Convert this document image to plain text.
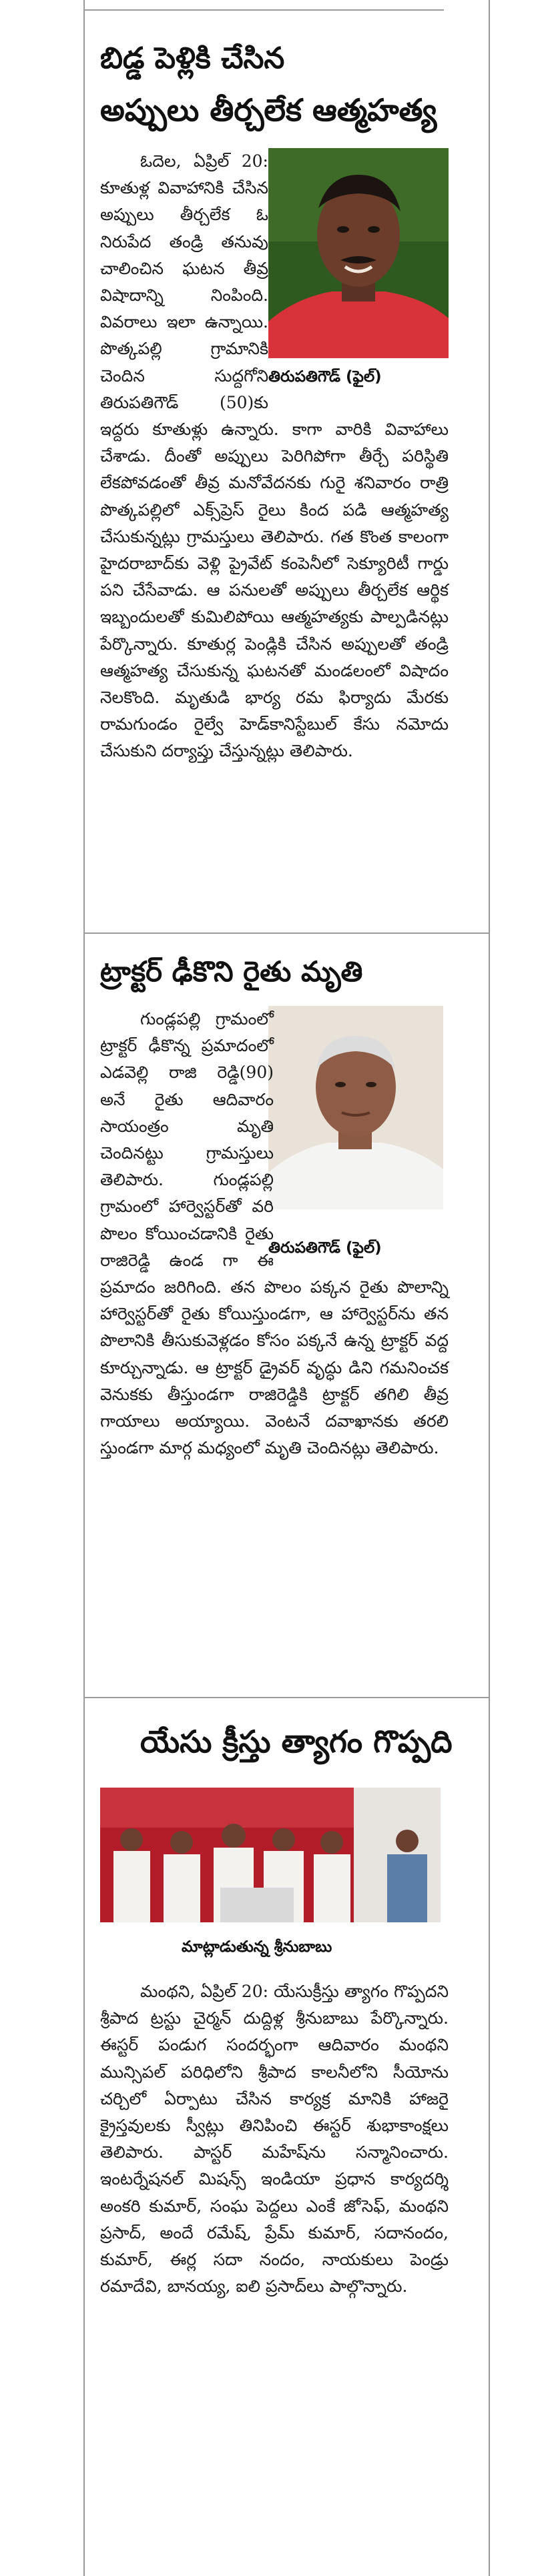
బిడ్డ పెళ్లికి చేసిన
అప్పులు తీర్చలేక ఆత్మహత్య
తిరుపతిగౌడ్‌ (ఫైల్‌)

ఓదెల, ఏప్రిల్‌ 20: కూతుళ్ల వివాహానికి చేసిన అప్పులు తీర్చలేక ఓ నిరుపేద తండ్రి తనువు చాలించిన ఘటన తీవ్ర విషాదాన్ని నింపింది. వివరాలు ఇలా ఉన్నాయి. పొత్కపల్లి గ్రామానికి చెందిన సుద్దగోని తిరుపతిగౌడ్‌ (50)కు ఇద్దరు కూతుళ్లు ఉన్నారు. కాగా వారికి వివాహాలు చేశాడు. దీంతో అప్పులు పెరిగిపోగా తీర్చే పరిస్థితి లేకపోవడంతో తీవ్ర మనోవేదనకు గురై శనివారం రాత్రి పొత్కపల్లిలో ఎక్స్‌ప్రెస్‌ రైలు కింద పడి ఆత్మహత్య చేసుకున్నట్లు గ్రామస్తులు తెలిపారు. గత కొంత కాలంగా హైదరాబాద్‌కు వెళ్లి ప్రైవేట్‌ కంపెనీలో సెక్యూరిటీ గార్డు పని చేసేవాడు. ఆ పనులతో అప్పులు తీర్చలేక ఆర్థిక ఇబ్బందులతో కుమిలిపోయి ఆత్మహత్యకు పాల్పడినట్లు పేర్కొన్నారు. కూతుర్ల పెండ్లికి చేసిన అప్పులతో తండ్రి ఆత్మహత్య చేసుకున్న ఘటనతో మండలంలో విషాదం నెలకొంది. మృతుడి భార్య రమ ఫిర్యాదు మేరకు రామగుండం రైల్వే హెడ్‌కానిస్టేబుల్‌ కేసు నమోదు చేసుకుని దర్యాప్తు చేస్తున్నట్లు తెలిపారు.

ట్రాక్టర్‌ ఢీకొని రైతు మృతి
తిరుపతిగౌడ్‌ (ఫైల్‌)

గుండ్లపల్లి గ్రామంలో ట్రాక్టర్‌ ఢీకొన్న ప్రమాదంలో ఎడవెల్లి రాజి రెడ్డి(90) అనే రైతు ఆదివారం సాయంత్రం మృతి చెందినట్టు గ్రామస్తులు తెలిపారు. గుండ్లపల్లి గ్రామంలో హార్వెస్టర్‌తో వరి పొలం కోయించడానికి రైతు రాజిరెడ్డి ఉండ గా ఈ ప్రమాదం జరిగింది. తన పొలం పక్కన రైతు పొలాన్ని హార్వెస్టర్‌తో రైతు కోయిస్తుండగా, ఆ హార్వెస్టర్‌ను తన పొలానికి తీసుకువెళ్లడం కోసం పక్కనే ఉన్న ట్రాక్టర్‌ వద్ద కూర్చున్నాడు. ఆ ట్రాక్టర్‌ డ్రైవర్‌ వృద్ధు డిని గమనించక వెనుకకు తీస్తుండగా రాజిరెడ్డికి ట్రాక్టర్‌ తగిలి తీవ్ర గాయాలు అయ్యాయి. వెంటనే దవాఖానకు తరలి స్తుండగా మార్గ మధ్యంలో మృతి చెందినట్లు తెలిపారు.

యేసు క్రీస్తు త్యాగం గొప్పది
మాట్లాడుతున్న శ్రీనుబాబు

మంథని, ఏప్రిల్‌ 20: యేసుక్రీస్తు త్యాగం గొప్పదని శ్రీపాద ట్రస్టు చైర్మన్‌ దుద్దిళ్ల శ్రీనుబాబు పేర్కొన్నారు. ఈస్టర్‌ పండుగ సందర్భంగా ఆదివారం మంథని మున్సిపల్‌ పరిధిలోని శ్రీపాద కాలనీలోని సీయోను చర్చిలో ఏర్పాటు చేసిన కార్యక్ర మానికి హాజరై క్రైస్తవులకు స్వీట్లు తినిపించి ఈస్టర్‌ శుభాకాంక్షలు తెలిపారు. పాస్టర్‌ మహేష్‌ను సన్మానించారు. ఇంటర్నేషనల్‌ మిషన్స్‌ ఇండియా ప్రధాన కార్యదర్శి అంకరి కుమార్‌, సంఘ పెద్దలు ఎంకే జోసెఫ్‌, మంథని ప్రసాద్‌, అందే రమేష్‌, ప్రేమ్‌ కుమార్‌, సదానందం, కుమార్‌, ఈర్ల సదా నందం, నాయకులు పెండ్రు రమాదేవి, బానయ్య, ఐలి ప్రసాద్‌లు పాల్గొన్నారు.
